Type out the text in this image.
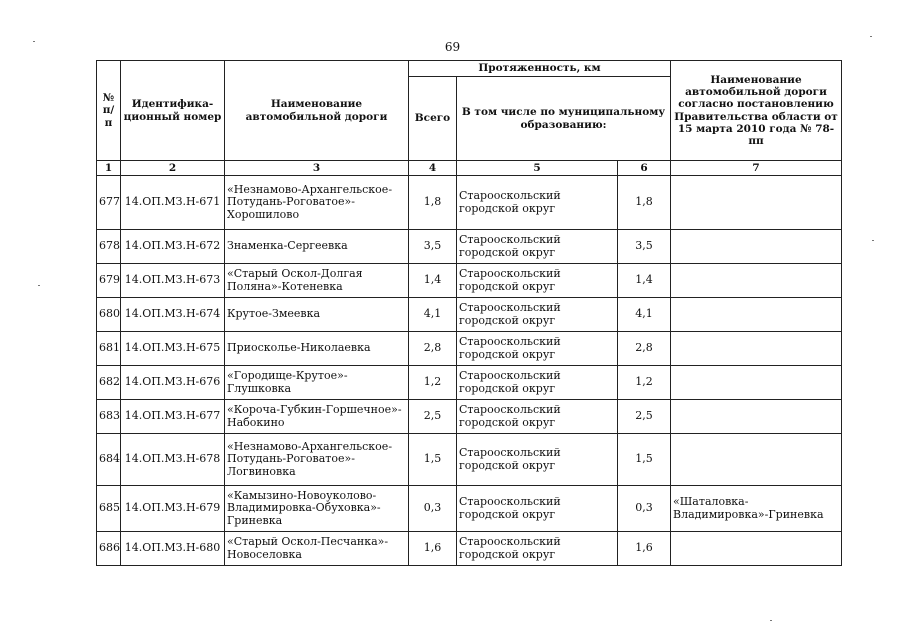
69
№ п/п	Идентифика-ционный номер	Наименование автомобильной дороги	Протяженность, км			Наименование автомобильной дороги согласно постановлению Правительства области от 15 марта 2010 года № 78-пп
			Всего	В том числе по муниципальному образованию:		
1	2	3	4	5	6	7
677	14.ОП.МЗ.Н-671	«Незнамово-Архангельское-Потудань-Роговатое»-Хорошилово	1,8	Старооскольский городской округ	1,8	
678	14.ОП.МЗ.Н-672	Знаменка-Сергеевка	3,5	Старооскольский городской округ	3,5	
679	14.ОП.МЗ.Н-673	«Старый Оскол-Долгая Поляна»-Котеневка	1,4	Старооскольский городской округ	1,4	
680	14.ОП.МЗ.Н-674	Крутое-Змеевка	4,1	Старооскольский городской округ	4,1	
681	14.ОП.МЗ.Н-675	Приосколье-Николаевка	2,8	Старооскольский городской округ	2,8	
682	14.ОП.МЗ.Н-676	«Городище-Крутое»-Глушковка	1,2	Старооскольский городской округ	1,2	
683	14.ОП.МЗ.Н-677	«Короча-Губкин-Горшечное»-Набокино	2,5	Старооскольский городской округ	2,5	
684	14.ОП.МЗ.Н-678	«Незнамово-Архангельское-Потудань-Роговатое»-Логвиновка	1,5	Старооскольский городской округ	1,5	
685	14.ОП.МЗ.Н-679	«Камызино-Новоуколово-Владимировка-Обуховка»-Гриневка	0,3	Старооскольский городской округ	0,3	«Шаталовка-Владимировка»-Гриневка
686	14.ОП.МЗ.Н-680	«Старый Оскол-Песчанка»-Новоселовка	1,6	Старооскольский городской округ	1,6	
